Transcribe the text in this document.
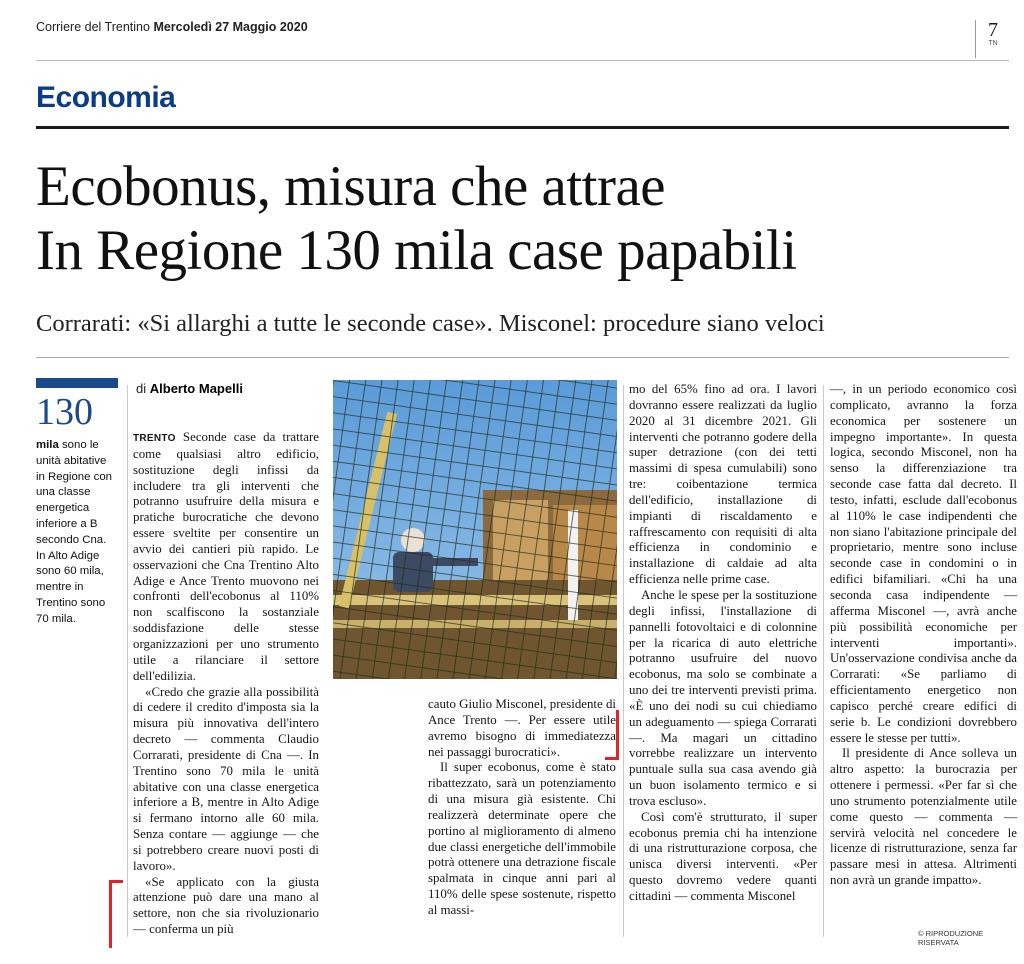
Corriere del Trentino Mercoledì 27 Maggio 2020	7
TN
Economia
Ecobonus, misura che attrae
In Regione 130 mila case papabili
Corrarati: «Si allarghi a tutte le seconde case». Misconel: procedure siano veloci
130
mila sono le unità abitative in Regione con una classe energetica inferiore a B secondo Cna. In Alto Adige sono 60 mila, mentre in Trentino sono 70 mila.
di Alberto Mapelli

TRENTO Seconde case da trattare come qualsiasi altro edificio, sostituzione degli infissi da includere tra gli interventi che potranno usufruire della misura e pratiche burocratiche che devono essere sveltite per consentire un avvio dei cantieri più rapido. Le osservazioni che Cna Trentino Alto Adige e Ance Trento muovono nei confronti dell'ecobonus al 110% non scalfiscono la sostanziale soddisfazione delle stesse organizzazioni per uno strumento utile a rilanciare il settore dell'edilizia.

«Credo che grazie alla possibilità di cedere il credito d'imposta sia la misura più innovativa dell'intero decreto — commenta Claudio Corrarati, presidente di Cna —. In Trentino sono 70 mila le unità abitative con una classe energetica inferiore a B, mentre in Alto Adige si fermano intorno alle 60 mila. Senza contare — aggiunge — che si potrebbero creare nuovi posti di lavoro».

«Se applicato con la giusta attenzione può dare una mano al settore, non che sia rivoluzionario — conferma un più

cauto Giulio Misconel, presidente di Ance Trento —. Per essere utile avremo bisogno di immediatezza nei passaggi burocratici».

Il super ecobonus, come è stato ribattezzato, sarà un potenziamento di una misura già esistente. Chi realizzerà determinate opere che portino al miglioramento di almeno due classi energetiche dell'immobile potrà ottenere una detrazione fiscale spalmata in cinque anni pari al 110% delle spese sostenute, rispetto al massi-

mo del 65% fino ad ora. I lavori dovranno essere realizzati da luglio 2020 al 31 dicembre 2021. Gli interventi che potranno godere della super detrazione (con dei tetti massimi di spesa cumulabili) sono tre: coibentazione termica dell'edificio, installazione di impianti di riscaldamento e raffrescamento con requisiti di alta efficienza in condominio e installazione di caldaie ad alta efficienza nelle prime case.

Anche le spese per la sostituzione degli infissi, l'installazione di pannelli fotovoltaici e di colonnine per la ricarica di auto elettriche potranno usufruire del nuovo ecobonus, ma solo se combinate a uno dei tre interventi previsti prima. «È uno dei nodi su cui chiediamo un adeguamento — spiega Corrarati —. Ma magari un cittadino vorrebbe realizzare un intervento puntuale sulla sua casa avendo già un buon isolamento termico e si trova escluso».

Così com'è strutturato, il super ecobonus premia chi ha intenzione di una ristrutturazione corposa, che unisca diversi interventi. «Per questo dovremo vedere quanti cittadini — commenta Misconel

—, in un periodo economico così complicato, avranno la forza economica per sostenere un impegno importante». In questa logica, secondo Misconel, non ha senso la differenziazione tra seconde case fatta dal decreto. Il testo, infatti, esclude dall'ecobonus al 110% le case indipendenti che non siano l'abitazione principale del proprietario, mentre sono incluse seconde case in condomini o in edifici bifamiliari. «Chi ha una seconda casa indipendente — afferma Misconel —, avrà anche più possibilità economiche per interventi importanti». Un'osservazione condivisa anche da Corrarati: «Se parliamo di efficientamento energetico non capisco perché creare edifici di serie b. Le condizioni dovrebbero essere le stesse per tutti».

Il presidente di Ance solleva un altro aspetto: la burocrazia per ottenere i permessi. «Per far sì che uno strumento potenzialmente utile come questo — commenta — servirà velocità nel concedere le licenze di ristrutturazione, senza far passare mesi in attesa. Altrimenti non avrà un grande impatto».

© RIPRODUZIONE RISERVATA
